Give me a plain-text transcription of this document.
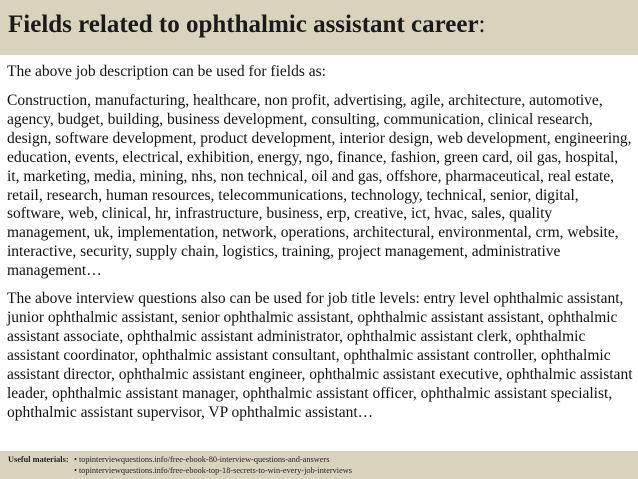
Fields related to ophthalmic assistant career:

The above job description can be used for fields as:

Construction, manufacturing, healthcare, non profit, advertising, agile, architecture, automotive, agency, budget, building, business development, consulting, communication, clinical research, design, software development, product development, interior design, web development, engineering, education, events, electrical, exhibition, energy, ngo, finance, fashion, green card, oil gas, hospital, it, marketing, media, mining, nhs, non technical, oil and gas, offshore, pharmaceutical, real estate, retail, research, human resources, telecommunications, technology, technical, senior, digital, software, web, clinical, hr, infrastructure, business, erp, creative, ict, hvac, sales, quality management, uk, implementation, network, operations, architectural, environmental, crm, website, interactive, security, supply chain, logistics, training, project management, administrative management…

The above interview questions also can be used for job title levels: entry level ophthalmic assistant, junior ophthalmic assistant, senior ophthalmic assistant, ophthalmic assistant assistant, ophthalmic assistant associate, ophthalmic assistant administrator, ophthalmic assistant clerk, ophthalmic assistant coordinator, ophthalmic assistant consultant, ophthalmic assistant controller, ophthalmic assistant director, ophthalmic assistant engineer, ophthalmic assistant executive, ophthalmic assistant leader, ophthalmic assistant manager, ophthalmic assistant officer, ophthalmic assistant specialist, ophthalmic assistant supervisor, VP ophthalmic assistant…

Useful materials: • topinterviewquestions.info/free-ebook-80-interview-questions-and-answers
• topinterviewquestions.info/free-ebook-top-18-secrets-to-win-every-job-interviews
